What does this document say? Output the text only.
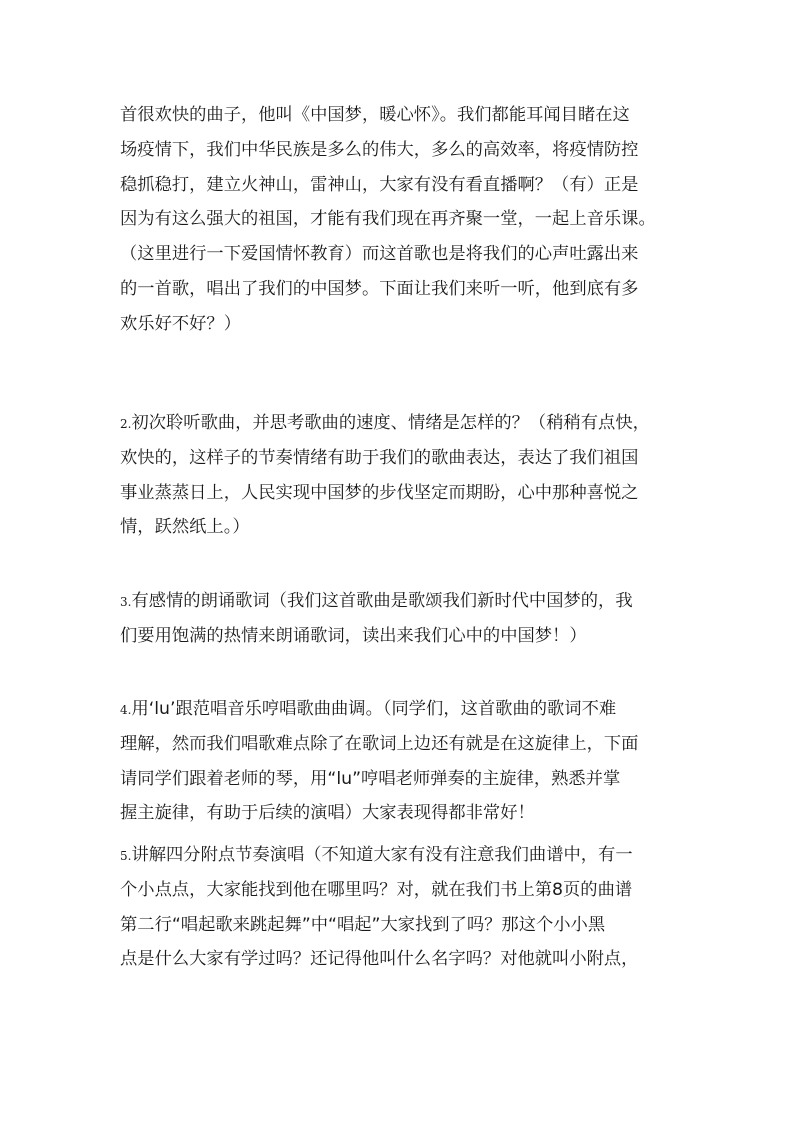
首很欢快的曲子，他叫《中国梦，暖心怀》。我们都能耳闻目睹在这
场疫情下，我们中华民族是多么的伟大，多么的高效率，将疫情防控
稳抓稳打，建立火神山，雷神山，大家有没有看直播啊？（有）正是
因为有这么强大的祖国，才能有我们现在再齐聚一堂，一起上音乐课。
（这里进行一下爱国情怀教育）而这首歌也是将我们的心声吐露出来
的一首歌，唱出了我们的中国梦。下面让我们来听一听，他到底有多
欢乐好不好？）
2.初次聆听歌曲，并思考歌曲的速度、情绪是怎样的？（稍稍有点快，
欢快的，这样子的节奏情绪有助于我们的歌曲表达，表达了我们祖国
事业蒸蒸日上，人民实现中国梦的步伐坚定而期盼，心中那种喜悦之
情，跃然纸上。）
3.有感情的朗诵歌词（我们这首歌曲是歌颂我们新时代中国梦的，我
们要用饱满的热情来朗诵歌词，读出来我们心中的中国梦！）
4.用‘lu’跟范唱音乐哼唱歌曲曲调。（同学们，这首歌曲的歌词不难
理解，然而我们唱歌难点除了在歌词上边还有就是在这旋律上，下面
请同学们跟着老师的琴，用“lu”哼唱老师弹奏的主旋律，熟悉并掌
握主旋律，有助于后续的演唱）大家表现得都非常好！
5.讲解四分附点节奏演唱（不知道大家有没有注意我们曲谱中，有一
个小点点，大家能找到他在哪里吗？对，就在我们书上第8页的曲谱
第二行“唱起歌来跳起舞”中“唱起”大家找到了吗？那这个小小黑
点是什么大家有学过吗？还记得他叫什么名字吗？对他就叫小附点，
